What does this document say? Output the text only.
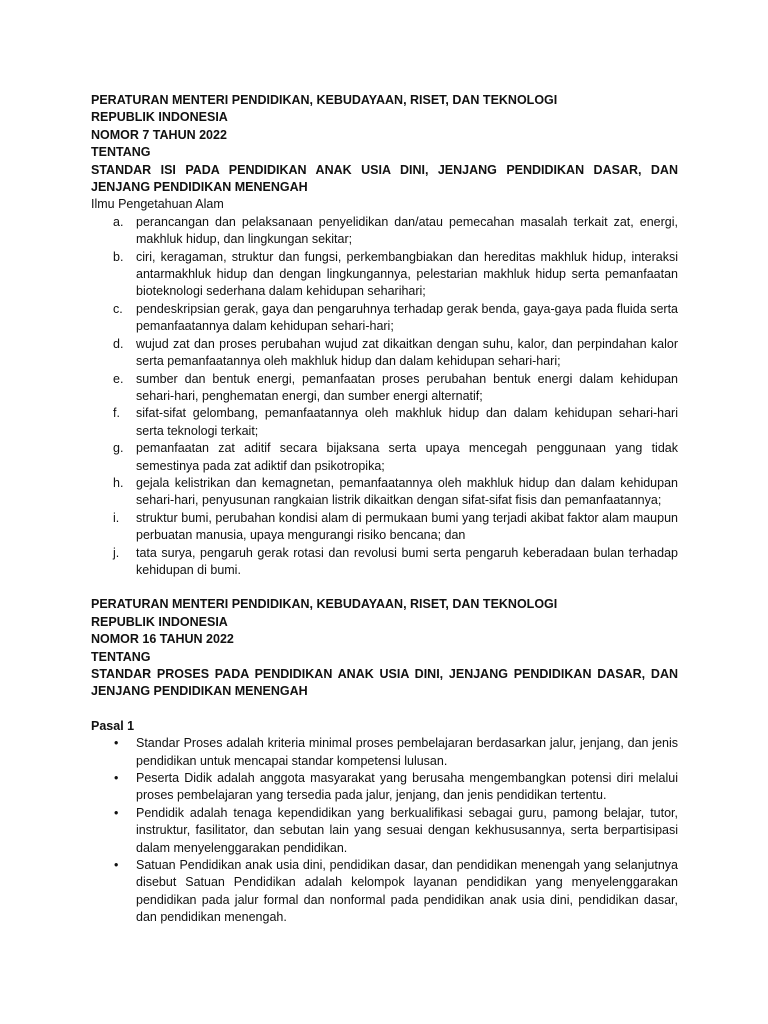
PERATURAN MENTERI PENDIDIKAN, KEBUDAYAAN, RISET, DAN TEKNOLOGI

REPUBLIK INDONESIA

NOMOR 7 TAHUN 2022

TENTANG

STANDAR ISI PADA PENDIDIKAN ANAK USIA DINI, JENJANG PENDIDIKAN DASAR, DAN JENJANG PENDIDIKAN MENENGAH

Ilmu Pengetahuan Alam

a. perancangan dan pelaksanaan penyelidikan dan/atau pemecahan masalah terkait zat, energi, makhluk hidup, dan lingkungan sekitar;
b. ciri, keragaman, struktur dan fungsi, perkembangbiakan dan hereditas makhluk hidup, interaksi antarmakhluk hidup dan dengan lingkungannya, pelestarian makhluk hidup serta pemanfaatan bioteknologi sederhana dalam kehidupan seharihari;
c. pendeskripsian gerak, gaya dan pengaruhnya terhadap gerak benda, gaya-gaya pada fluida serta pemanfaatannya dalam kehidupan sehari-hari;
d. wujud zat dan proses perubahan wujud zat dikaitkan dengan suhu, kalor, dan perpindahan kalor serta pemanfaatannya oleh makhluk hidup dan dalam kehidupan sehari-hari;
e. sumber dan bentuk energi, pemanfaatan proses perubahan bentuk energi dalam kehidupan sehari-hari, penghematan energi, dan sumber energi alternatif;
f. sifat-sifat gelombang, pemanfaatannya oleh makhluk hidup dan dalam kehidupan sehari-hari serta teknologi terkait;
g. pemanfaatan zat aditif secara bijaksana serta upaya mencegah penggunaan yang tidak semestinya pada zat adiktif dan psikotropika;
h. gejala kelistrikan dan kemagnetan, pemanfaatannya oleh makhluk hidup dan dalam kehidupan sehari-hari, penyusunan rangkaian listrik dikaitkan dengan sifat-sifat fisis dan pemanfaatannya;
i. struktur bumi, perubahan kondisi alam di permukaan bumi yang terjadi akibat faktor alam maupun perbuatan manusia, upaya mengurangi risiko bencana; dan
j. tata surya, pengaruh gerak rotasi dan revolusi bumi serta pengaruh keberadaan bulan terhadap kehidupan di bumi.

PERATURAN MENTERI PENDIDIKAN, KEBUDAYAAN, RISET, DAN TEKNOLOGI

REPUBLIK INDONESIA

NOMOR 16 TAHUN 2022

TENTANG

STANDAR PROSES PADA PENDIDIKAN ANAK USIA DINI, JENJANG PENDIDIKAN DASAR, DAN JENJANG PENDIDIKAN MENENGAH

Pasal 1

• Standar Proses adalah kriteria minimal proses pembelajaran berdasarkan jalur, jenjang, dan jenis pendidikan untuk mencapai standar kompetensi lulusan.
• Peserta Didik adalah anggota masyarakat yang berusaha mengembangkan potensi diri melalui proses pembelajaran yang tersedia pada jalur, jenjang, dan jenis pendidikan tertentu.
• Pendidik adalah tenaga kependidikan yang berkualifikasi sebagai guru, pamong belajar, tutor, instruktur, fasilitator, dan sebutan lain yang sesuai dengan kekhususannya, serta berpartisipasi dalam menyelenggarakan pendidikan.
• Satuan Pendidikan anak usia dini, pendidikan dasar, dan pendidikan menengah yang selanjutnya disebut Satuan Pendidikan adalah kelompok layanan pendidikan yang menyelenggarakan pendidikan pada jalur formal dan nonformal pada pendidikan anak usia dini, pendidikan dasar, dan pendidikan menengah.
